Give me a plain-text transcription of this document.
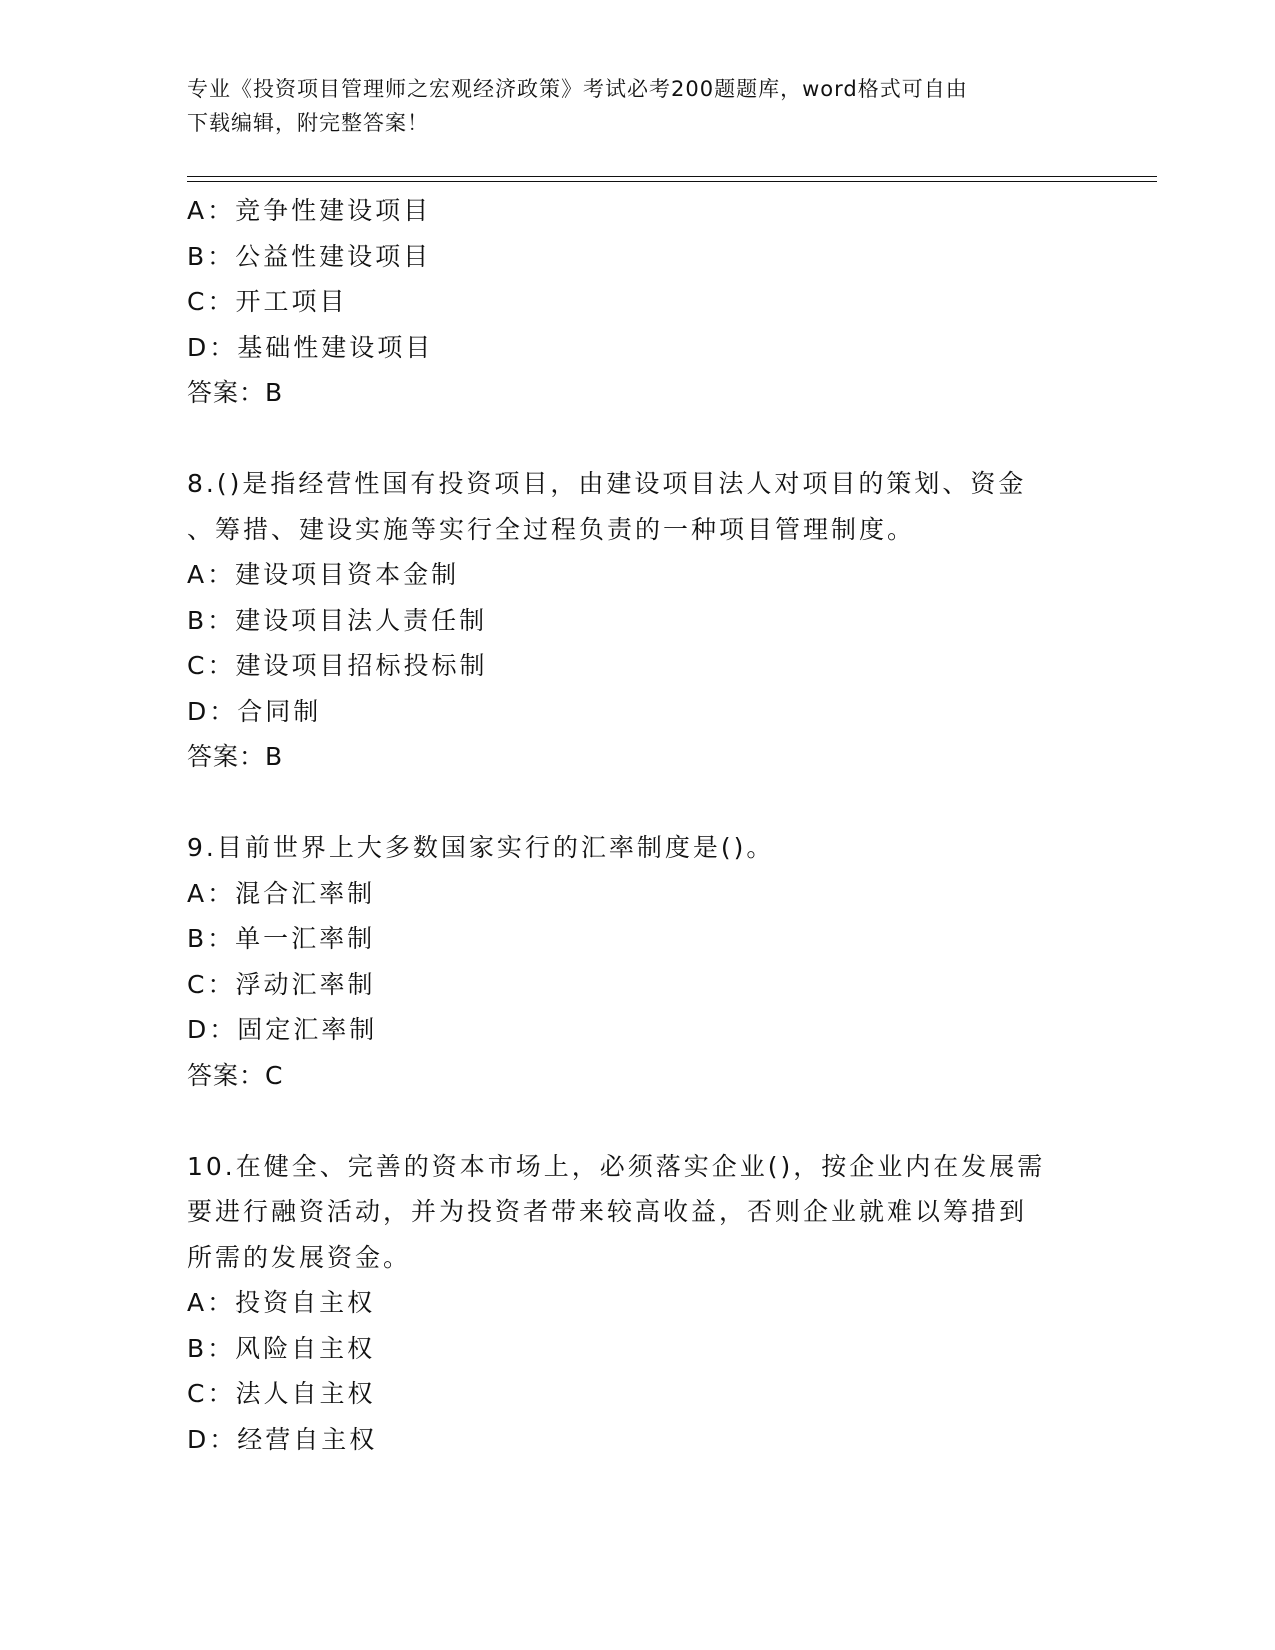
专业《投资项目管理师之宏观经济政策》考试必考200题题库，word格式可自由
下载编辑，附完整答案！

A：竞争性建设项目

B：公益性建设项目

C：开工项目

D：基础性建设项目

答案：B

8.()是指经营性国有投资项目，由建设项目法人对项目的策划、资金

、筹措、建设实施等实行全过程负责的一种项目管理制度。

A：建设项目资本金制

B：建设项目法人责任制

C：建设项目招标投标制

D：合同制

答案：B

9.目前世界上大多数国家实行的汇率制度是()。

A：混合汇率制

B：单一汇率制

C：浮动汇率制

D：固定汇率制

答案：C

10.在健全、完善的资本市场上，必须落实企业()，按企业内在发展需

要进行融资活动，并为投资者带来较高收益，否则企业就难以筹措到

所需的发展资金。

A：投资自主权

B：风险自主权

C：法人自主权

D：经营自主权
